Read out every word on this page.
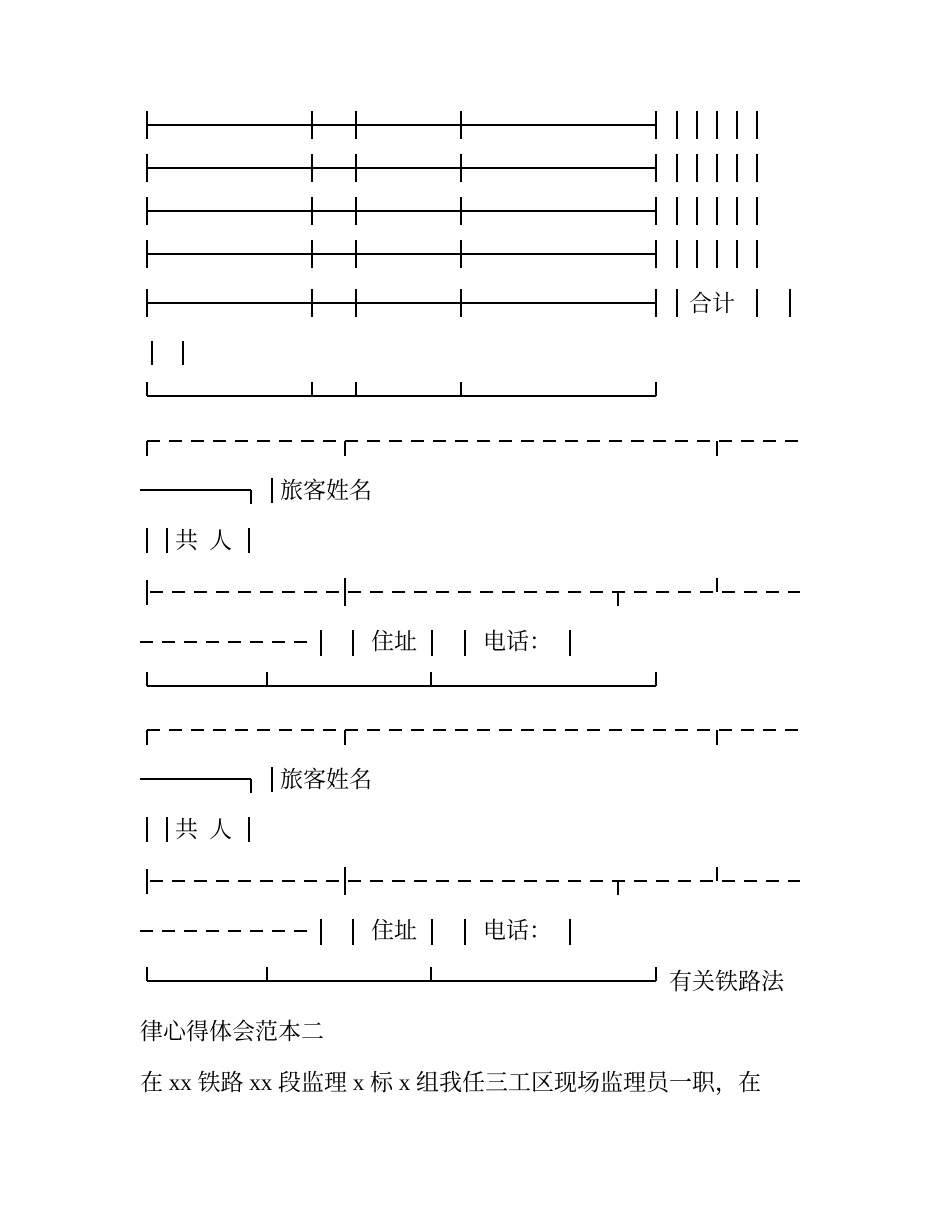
合计
旅客姓名
共 人
住址	电话：
旅客姓名
共 人
住址	电话：
有关铁路法
律心得体会范本二
在 xx 铁路 xx 段监理 x 标 x 组我任三工区现场监理员一职，在
